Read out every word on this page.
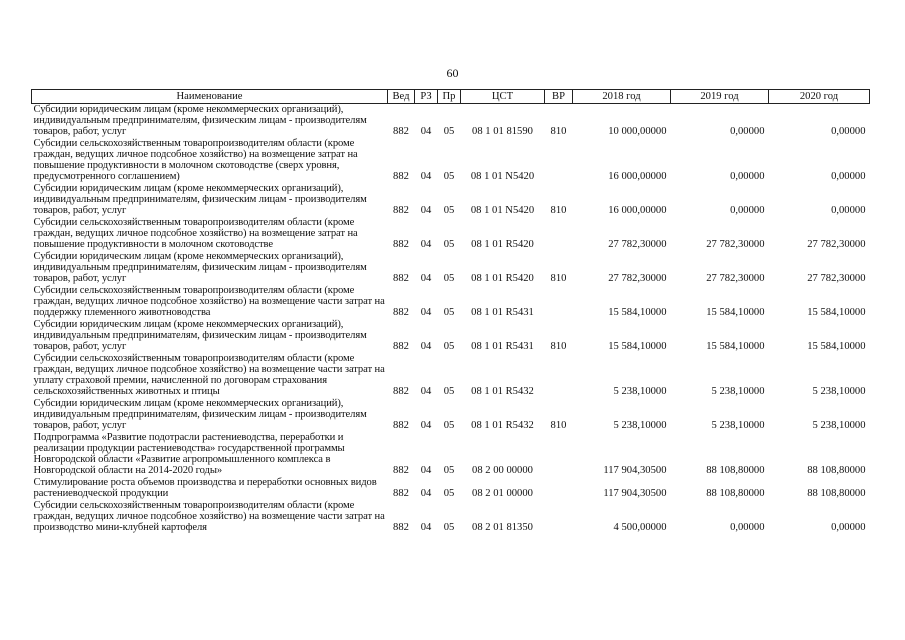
60
Наименование	Вед	РЗ	Пр	ЦСТ	ВР	2018 год	2019 год	2020 год
Субсидии юридическим лицам (кроме некоммерческих организаций), индивидуальным предпринимателям, физическим лицам - производителям товаров, работ, услуг	882	04	05	08 1 01 81590	810	10 000,00000	0,00000	0,00000
Субсидии сельскохозяйственным товаропроизводителям области (кроме граждан, ведущих личное подсобное хозяйство) на возмещение затрат на повышение продуктивности в молочном скотоводстве (сверх уровня, предусмотренного соглашением)	882	04	05	08 1 01 N5420		16 000,00000	0,00000	0,00000
Субсидии юридическим лицам (кроме некоммерческих организаций), индивидуальным предпринимателям, физическим лицам - производителям товаров, работ, услуг	882	04	05	08 1 01 N5420	810	16 000,00000	0,00000	0,00000
Субсидии сельскохозяйственным товаропроизводителям области (кроме граждан, ведущих личное подсобное хозяйство) на возмещение затрат на повышение продуктивности в молочном скотоводстве	882	04	05	08 1 01 R5420		27 782,30000	27 782,30000	27 782,30000
Субсидии юридическим лицам (кроме некоммерческих организаций), индивидуальным предпринимателям, физическим лицам - производителям товаров, работ, услуг	882	04	05	08 1 01 R5420	810	27 782,30000	27 782,30000	27 782,30000
Субсидии сельскохозяйственным товаропроизводителям области (кроме граждан, ведущих личное подсобное хозяйство) на возмещение части затрат на поддержку племенного животноводства	882	04	05	08 1 01 R5431		15 584,10000	15 584,10000	15 584,10000
Субсидии юридическим лицам (кроме некоммерческих организаций), индивидуальным предпринимателям, физическим лицам - производителям товаров, работ, услуг	882	04	05	08 1 01 R5431	810	15 584,10000	15 584,10000	15 584,10000
Субсидии сельскохозяйственным товаропроизводителям области (кроме граждан, ведущих личное подсобное хозяйство) на возмещение части затрат на уплату страховой премии, начисленной по договорам страхования сельскохозяйственных животных и птицы	882	04	05	08 1 01 R5432		5 238,10000	5 238,10000	5 238,10000
Субсидии юридическим лицам (кроме некоммерческих организаций), индивидуальным предпринимателям, физическим лицам - производителям товаров, работ, услуг	882	04	05	08 1 01 R5432	810	5 238,10000	5 238,10000	5 238,10000
Подпрограмма «Развитие подотрасли растениеводства, переработки и реализации продукции растениеводства» государственной программы Новгородской области «Развитие агропромышленного комплекса в Новгородской области на 2014-2020 годы»	882	04	05	08 2 00 00000		117 904,30500	88 108,80000	88 108,80000
Стимулирование роста объемов производства и переработки основных видов растениеводческой продукции	882	04	05	08 2 01 00000		117 904,30500	88 108,80000	88 108,80000
Субсидии сельскохозяйственным товаропроизводителям области (кроме граждан, ведущих личное подсобное хозяйство) на возмещение части затрат на производство мини-клубней картофеля	882	04	05	08 2 01 81350		4 500,00000	0,00000	0,00000
